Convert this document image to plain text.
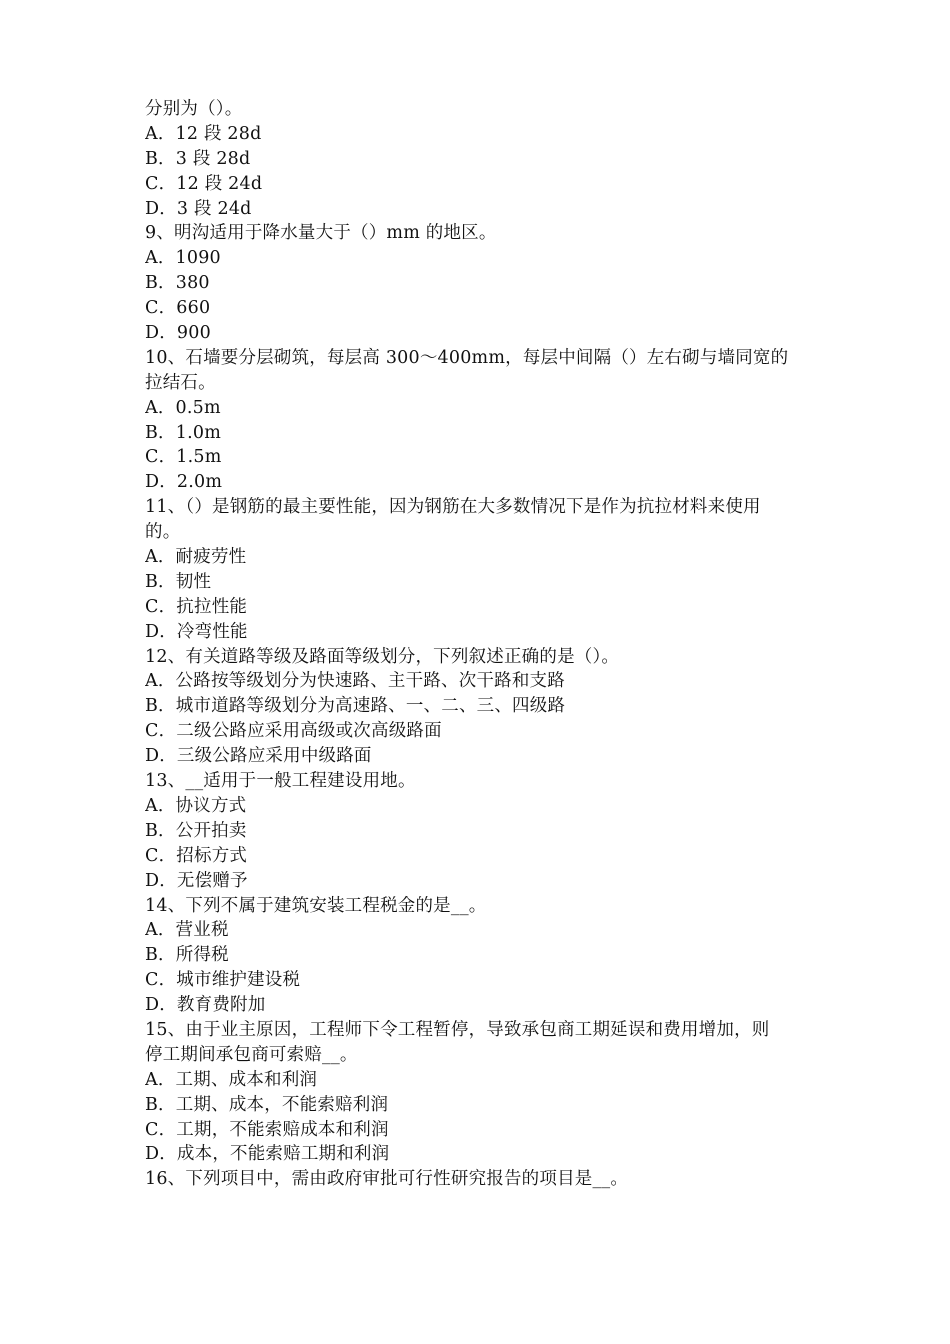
分别为（）。
A．12 段 28d
B．3 段 28d
C．12 段 24d
D．3 段 24d
9、明沟适用于降水量大于（）mm 的地区。
A．1090
B．380
C．660
D．900
10、石墙要分层砌筑，每层高 300～400mm，每层中间隔（）左右砌与墙同宽的
拉结石。
A．0.5m
B．1.0m
C．1.5m
D．2.0m
11、（）是钢筋的最主要性能，因为钢筋在大多数情况下是作为抗拉材料来使用
的。
A．耐疲劳性
B．韧性
C．抗拉性能
D．冷弯性能
12、有关道路等级及路面等级划分，下列叙述正确的是（）。
A．公路按等级划分为快速路、主干路、次干路和支路
B．城市道路等级划分为高速路、一、二、三、四级路
C．二级公路应采用高级或次高级路面
D．三级公路应采用中级路面
13、__适用于一般工程建设用地。
A．协议方式
B．公开拍卖
C．招标方式
D．无偿赠予
14、下列不属于建筑安装工程税金的是__。
A．营业税
B．所得税
C．城市维护建设税
D．教育费附加
15、由于业主原因，工程师下令工程暂停，导致承包商工期延误和费用增加，则
停工期间承包商可索赔__。
A．工期、成本和利润
B．工期、成本，不能索赔利润
C．工期，不能索赔成本和利润
D．成本，不能索赔工期和利润
16、下列项目中，需由政府审批可行性研究报告的项目是__。
